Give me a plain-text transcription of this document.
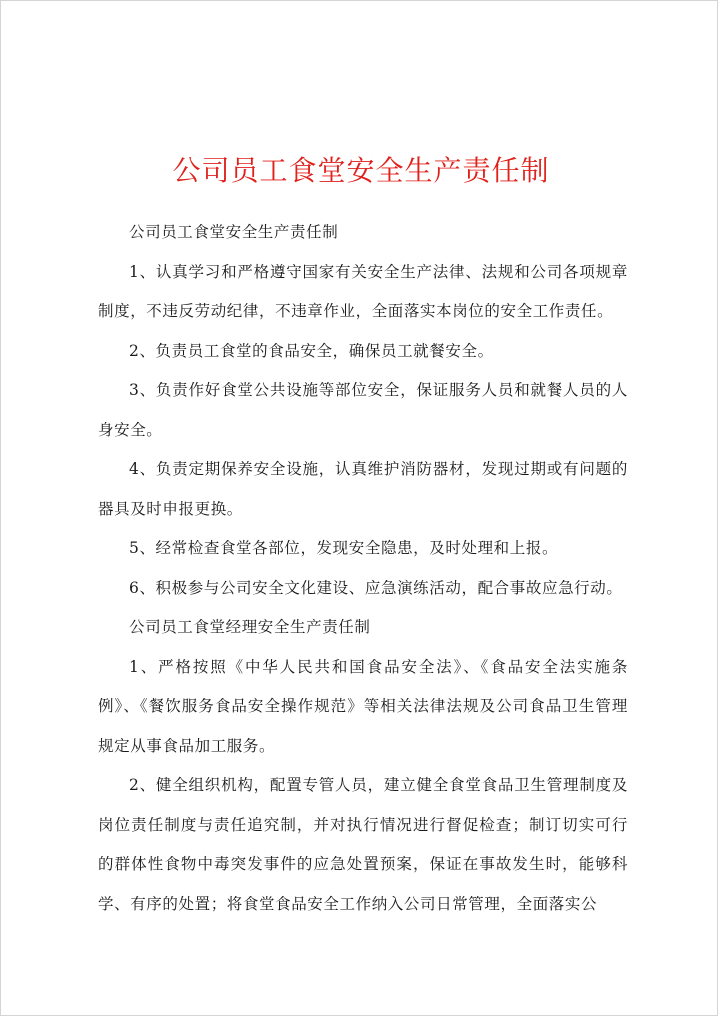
公司员工食堂安全生产责任制

公司员工食堂安全生产责任制

1、认真学习和严格遵守国家有关安全生产法律、法规和公司各项规章制度，不违反劳动纪律，不违章作业，全面落实本岗位的安全工作责任。

2、负责员工食堂的食品安全，确保员工就餐安全。

3、负责作好食堂公共设施等部位安全，保证服务人员和就餐人员的人身安全。

4、负责定期保养安全设施，认真维护消防器材，发现过期或有问题的器具及时申报更换。

5、经常检查食堂各部位，发现安全隐患，及时处理和上报。

6、积极参与公司安全文化建设、应急演练活动，配合事故应急行动。

公司员工食堂经理安全生产责任制

1、严格按照《中华人民共和国食品安全法》、《食品安全法实施条例》、《餐饮服务食品安全操作规范》等相关法律法规及公司食品卫生管理规定从事食品加工服务。

2、健全组织机构，配置专管人员，建立健全食堂食品卫生管理制度及岗位责任制度与责任追究制，并对执行情况进行督促检查；制订切实可行的群体性食物中毒突发事件的应急处置预案，保证在事故发生时，能够科学、有序的处置；将食堂食品安全工作纳入公司日常管理，全面落实公
